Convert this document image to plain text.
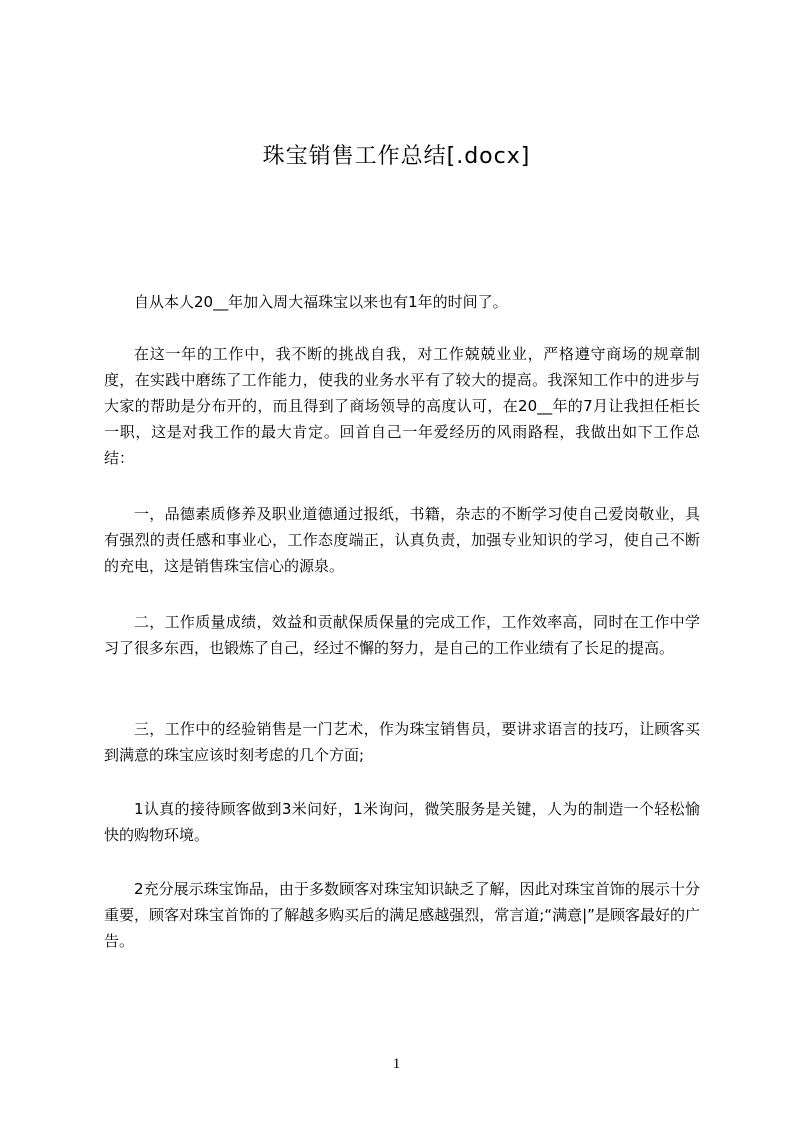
珠宝销售工作总结[.docx]

自从本人20__年加入周大福珠宝以来也有1年的时间了。

在这一年的工作中，我不断的挑战自我，对工作兢兢业业，严格遵守商场的规章制度，在实践中磨练了工作能力，使我的业务水平有了较大的提高。我深知工作中的进步与大家的帮助是分布开的，而且得到了商场领导的高度认可，在20__年的7月让我担任柜长一职，这是对我工作的最大肯定。回首自己一年爱经历的风雨路程，我做出如下工作总结：

一，品德素质修养及职业道德通过报纸，书籍，杂志的不断学习使自己爱岗敬业，具有强烈的责任感和事业心，工作态度端正，认真负责，加强专业知识的学习，使自己不断的充电，这是销售珠宝信心的源泉。

二，工作质量成绩，效益和贡献保质保量的完成工作，工作效率高，同时在工作中学习了很多东西，也锻炼了自己，经过不懈的努力，是自己的工作业绩有了长足的提高。

三，工作中的经验销售是一门艺术，作为珠宝销售员，要讲求语言的技巧，让顾客买到满意的珠宝应该时刻考虑的几个方面;

1认真的接待顾客做到3米问好，1米询问，微笑服务是关键，人为的制造一个轻松愉快的购物环境。

2充分展示珠宝饰品，由于多数顾客对珠宝知识缺乏了解，因此对珠宝首饰的展示十分重要，顾客对珠宝首饰的了解越多购买后的满足感越强烈，常言道;“满意|”是顾客最好的广告。

1
